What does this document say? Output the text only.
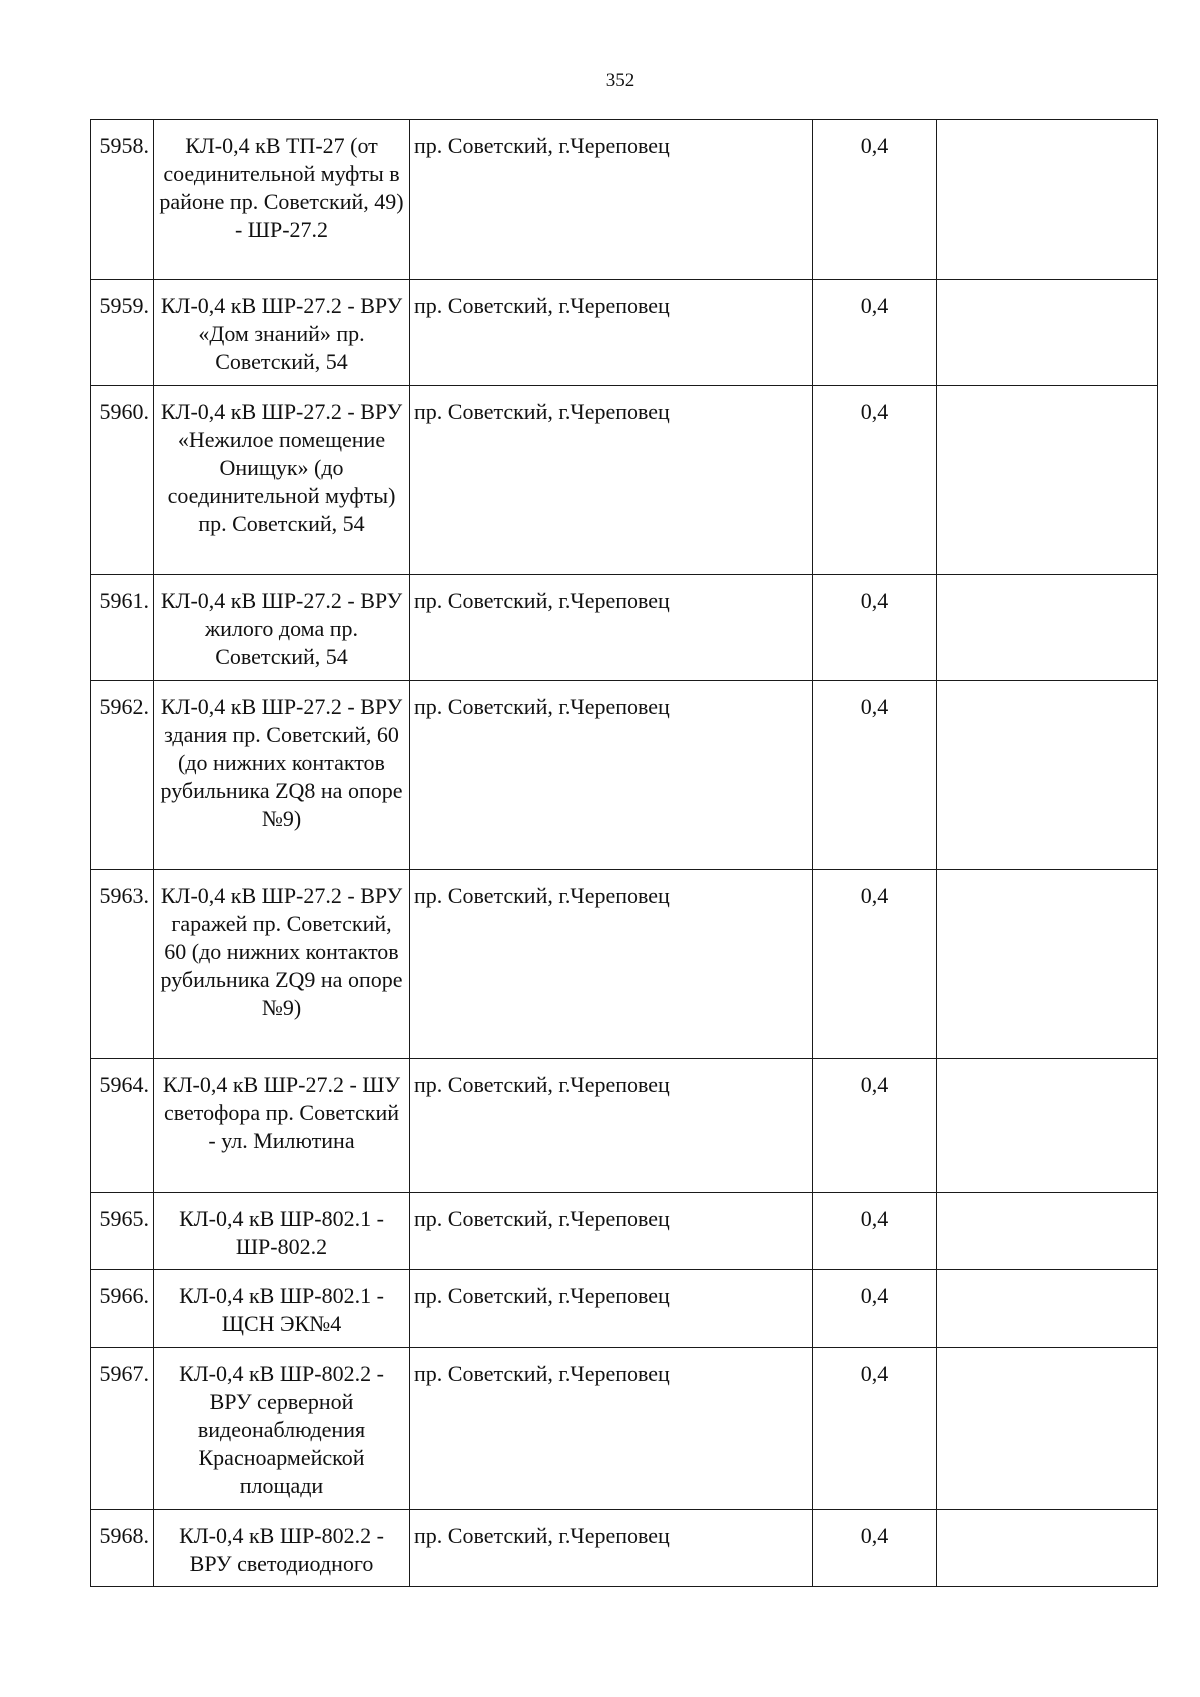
352
5958.	КЛ-0,4 кВ ТП-27 (от соединительной муфты в районе пр. Советский, 49) - ШР-27.2	пр. Советский, г.Череповец	0,4	
5959.	КЛ-0,4 кВ ШР-27.2 - ВРУ «Дом знаний» пр. Советский, 54	пр. Советский, г.Череповец	0,4	
5960.	КЛ-0,4 кВ ШР-27.2 - ВРУ «Нежилое помещение Онищук» (до соединительной муфты) пр. Советский, 54	пр. Советский, г.Череповец	0,4	
5961.	КЛ-0,4 кВ ШР-27.2 - ВРУ жилого дома пр. Советский, 54	пр. Советский, г.Череповец	0,4	
5962.	КЛ-0,4 кВ ШР-27.2 - ВРУ здания пр. Советский, 60 (до нижних контактов рубильника ZQ8 на опоре №9)	пр. Советский, г.Череповец	0,4	
5963.	КЛ-0,4 кВ ШР-27.2 - ВРУ гаражей пр. Советский, 60 (до нижних контактов рубильника ZQ9 на опоре №9)	пр. Советский, г.Череповец	0,4	
5964.	КЛ-0,4 кВ ШР-27.2 - ШУ светофора пр. Советский - ул. Милютина	пр. Советский, г.Череповец	0,4	
5965.	КЛ-0,4 кВ ШР-802.1 - ШР-802.2	пр. Советский, г.Череповец	0,4	
5966.	КЛ-0,4 кВ ШР-802.1 - ЩСН ЭК№4	пр. Советский, г.Череповец	0,4	
5967.	КЛ-0,4 кВ ШР-802.2 - ВРУ серверной видеонаблюдения Красноармейской площади	пр. Советский, г.Череповец	0,4	
5968.	КЛ-0,4 кВ ШР-802.2 - ВРУ светодиодного	пр. Советский, г.Череповец	0,4	
